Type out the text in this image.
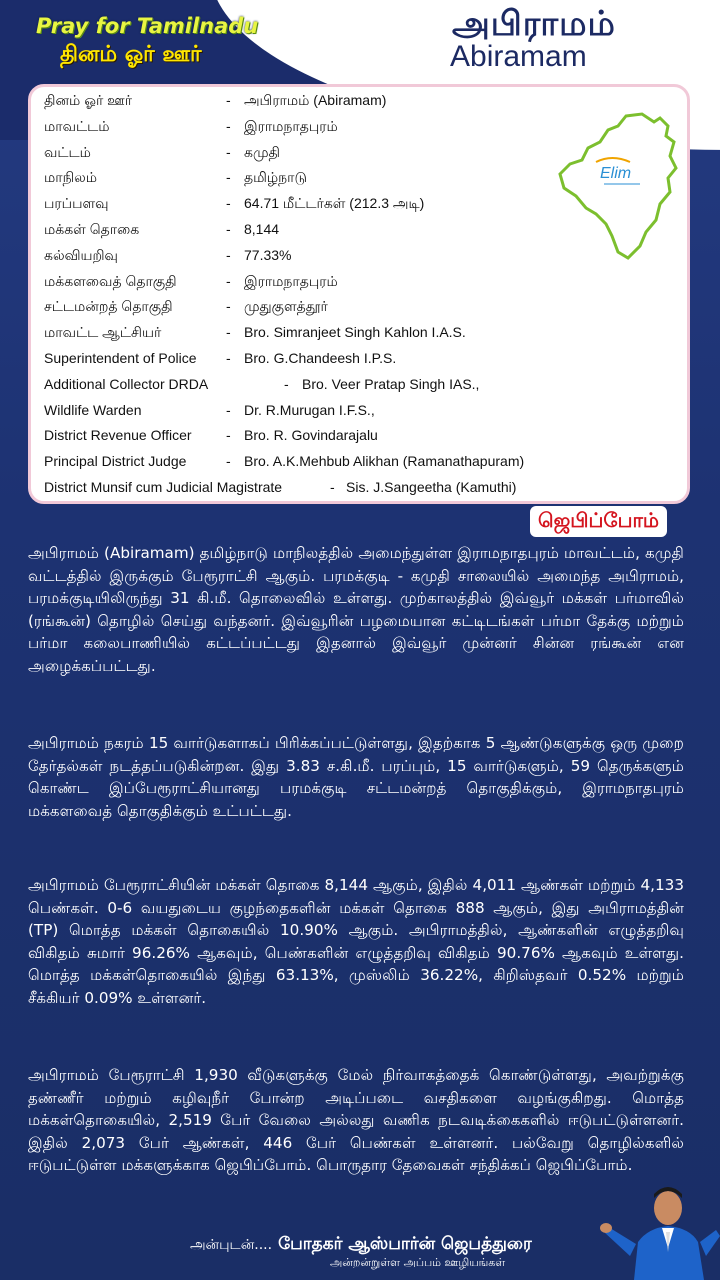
Pray for Tamilnadu
தினம் ஓர் ஊர்
அபிராமம்
Abiramam
தினம் ஓர் ஊர்	- அபிராமம் (Abiramam)
மாவட்டம்	- இராமநாதபுரம்
வட்டம்	- கமுதி
மாநிலம்	- தமிழ்நாடு
பரப்பளவு	- 64.71 மீட்டர்கள் (212.3 அடி)
மக்கள் தொகை	- 8,144
கல்வியறிவு	- 77.33%
மக்களவைத் தொகுதி	- இராமநாதபுரம்
சட்டமன்றத் தொகுதி	- முதுகுளத்தூர்
மாவட்ட ஆட்சியர்	- Bro. Simranjeet Singh Kahlon I.A.S.
Superintendent of Police - Bro. G.Chandeesh I.P.S.
Additional Collector DRDA	- Bro. Veer Pratap Singh IAS.,
Wildlife Warden	- Dr. R.Murugan I.F.S.,
District Revenue Officer - Bro. R. Govindarajalu
Principal District Judge	- Bro. A.K.Mehbub Alikhan (Ramanathapuram)
District Munsif cum Judicial Magistrate	- Sis. J.Sangeetha (Kamuthi)
Elim
ஜெபிப்போம்
அபிராமம் (Abiramam) தமிழ்நாடு மாநிலத்தில் அமைந்துள்ள இராமநாதபுரம் மாவட்டம், கமுதி வட்டத்தில் இருக்கும் பேரூராட்சி ஆகும். பரமக்குடி - கமுதி சாலையில் அமைந்த அபிராமம், பரமக்குடியிலிருந்து 31 கி.மீ. தொலைவில் உள்ளது. முற்காலத்தில் இவ்வூர் மக்கள் பர்மாவில் (ரங்கூன்) தொழில் செய்து வந்தனர். இவ்வூரின் பழமையான கட்டிடங்கள் பர்மா தேக்கு மற்றும் பர்மா கலைபாணியில் கட்டப்பட்டது இதனால் இவ்வூர் முன்னர் சின்ன ரங்கூன் என அழைக்கப்பட்டது.
அபிராமம் நகரம் 15 வார்டுகளாகப் பிரிக்கப்பட்டுள்ளது, இதற்காக 5 ஆண்டுகளுக்கு ஒரு முறை தேர்தல்கள் நடத்தப்படுகின்றன. இது 3.83 ச.கி.மீ. பரப்பும், 15 வார்டுகளும், 59 தெருக்களும் கொண்ட இப்பேரூராட்சியானது பரமக்குடி சட்டமன்றத் தொகுதிக்கும், இராமநாதபுரம் மக்களவைத் தொகுதிக்கும் உட்பட்டது.
அபிராமம் பேரூராட்சியின் மக்கள் தொகை 8,144 ஆகும், இதில் 4,011 ஆண்கள் மற்றும் 4,133 பெண்கள். 0-6 வயதுடைய குழந்தைகளின் மக்கள் தொகை 888 ஆகும், இது அபிராமத்தின் (TP) மொத்த மக்கள் தொகையில் 10.90% ஆகும். அபிராமத்தில், ஆண்களின் எழுத்தறிவு விகிதம் சுமார் 96.26% ஆகவும், பெண்களின் எழுத்தறிவு விகிதம் 90.76% ஆகவும் உள்ளது. மொத்த மக்கள்தொகையில் இந்து 63.13%, முஸ்லிம் 36.22%, கிறிஸ்தவர் 0.52% மற்றும் சீக்கியர் 0.09% உள்ளனர்.
அபிராமம் பேரூராட்சி 1,930 வீடுகளுக்கு மேல் நிர்வாகத்தைக் கொண்டுள்ளது, அவற்றுக்கு தண்ணீர் மற்றும் கழிவுநீர் போன்ற அடிப்படை வசதிகளை வழங்குகிறது. மொத்த மக்கள்தொகையில், 2,519 பேர் வேலை அல்லது வணிக நடவடிக்கைகளில் ஈடுபட்டுள்ளனர். இதில் 2,073 பேர் ஆண்கள், 446 பேர் பெண்கள் உள்ளனர். பல்வேறு தொழில்களில் ஈடுபட்டுள்ள மக்களுக்காக ஜெபிப்போம். பொருதார தேவைகள் சந்திக்கப் ஜெபிப்போம்.
அன்புடன்.... போதகர் ஆஸ்பார்ன் ஜெபத்துரை
அன்றன்றுள்ள அப்பம் ஊழியங்கள்
